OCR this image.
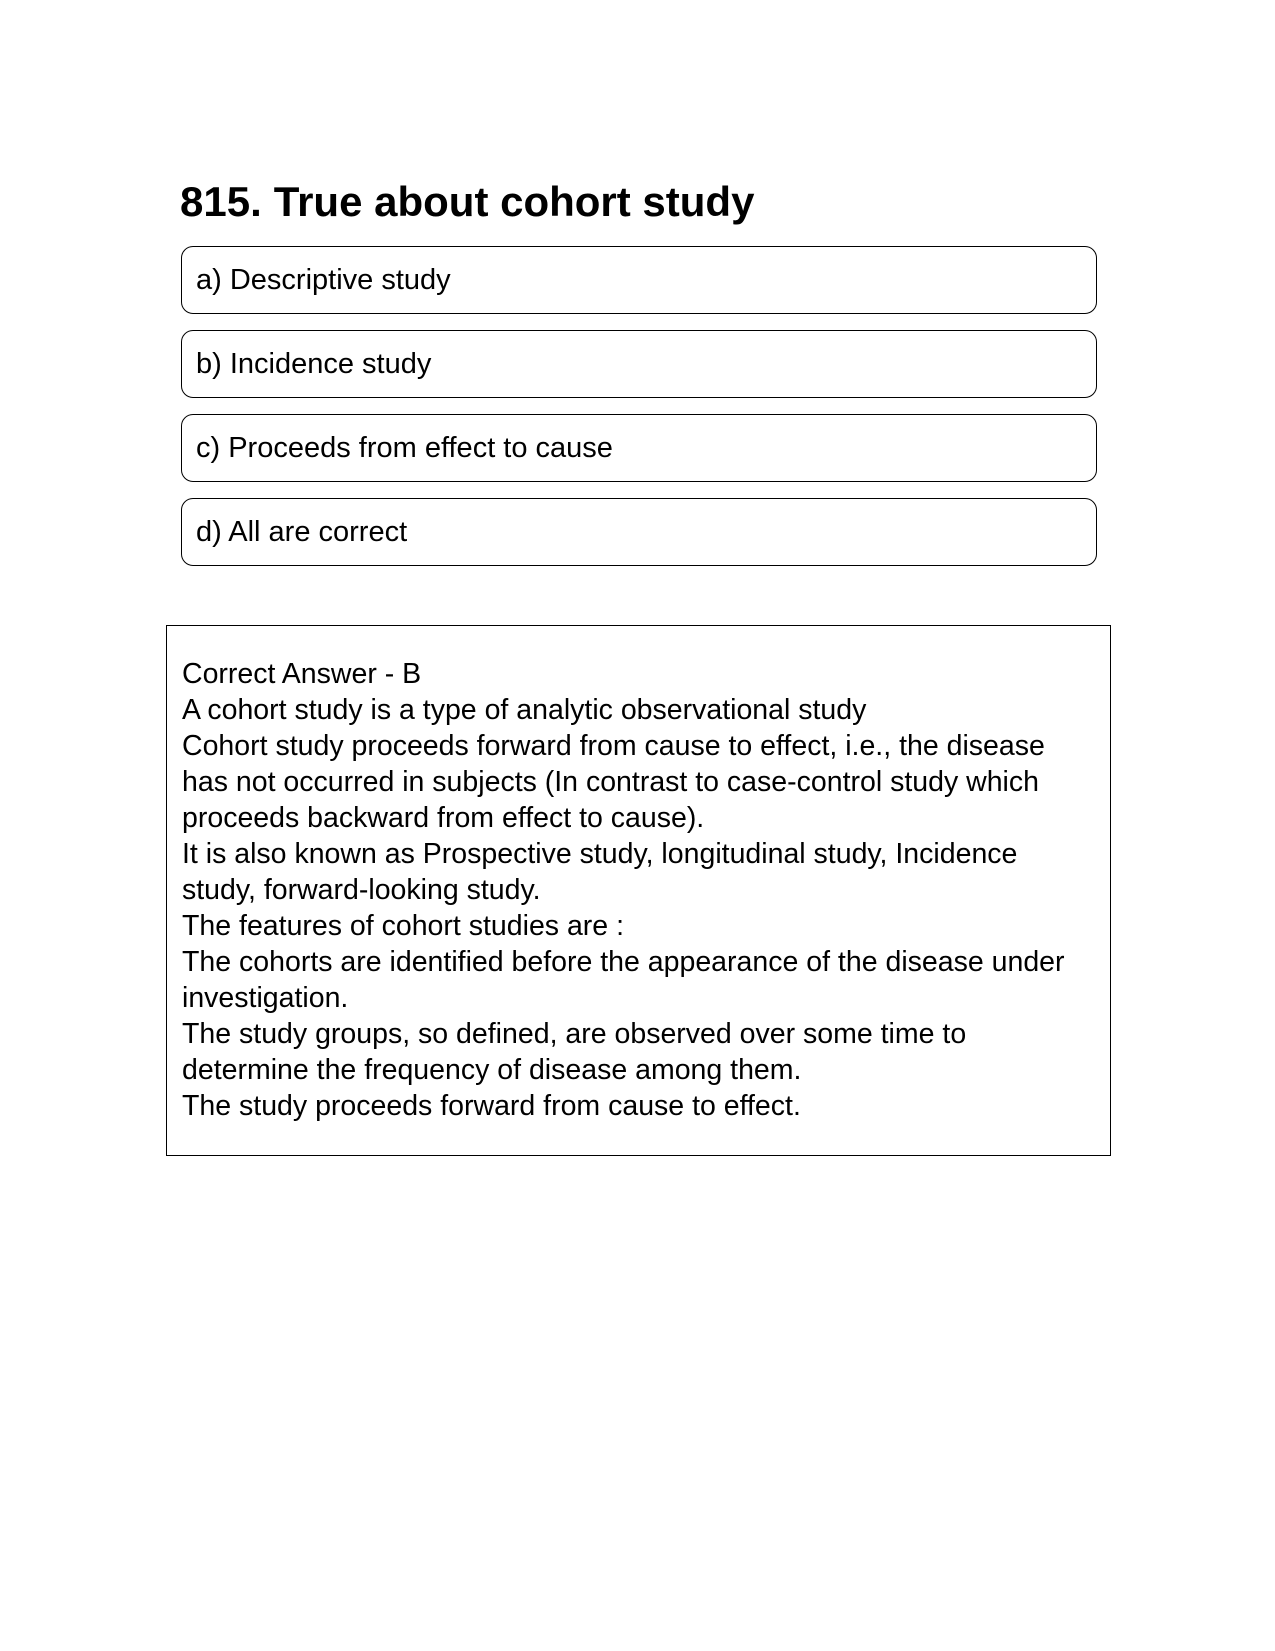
815. True about cohort study
a) Descriptive study
b) Incidence study
c) Proceeds from effect to cause
d) All are correct

Correct Answer - B

A cohort study is a type of analytic observational study

Cohort study proceeds forward from cause to effect, i.e., the disease has not occurred in subjects (In contrast to case-control study which proceeds backward from effect to cause).

It is also known as Prospective study, longitudinal study, Incidence study, forward-looking study.

The features of cohort studies are :

The cohorts are identified before the appearance of the disease under investigation.

The study groups, so defined, are observed over some time to determine the frequency of disease among them.

The study proceeds forward from cause to effect.
